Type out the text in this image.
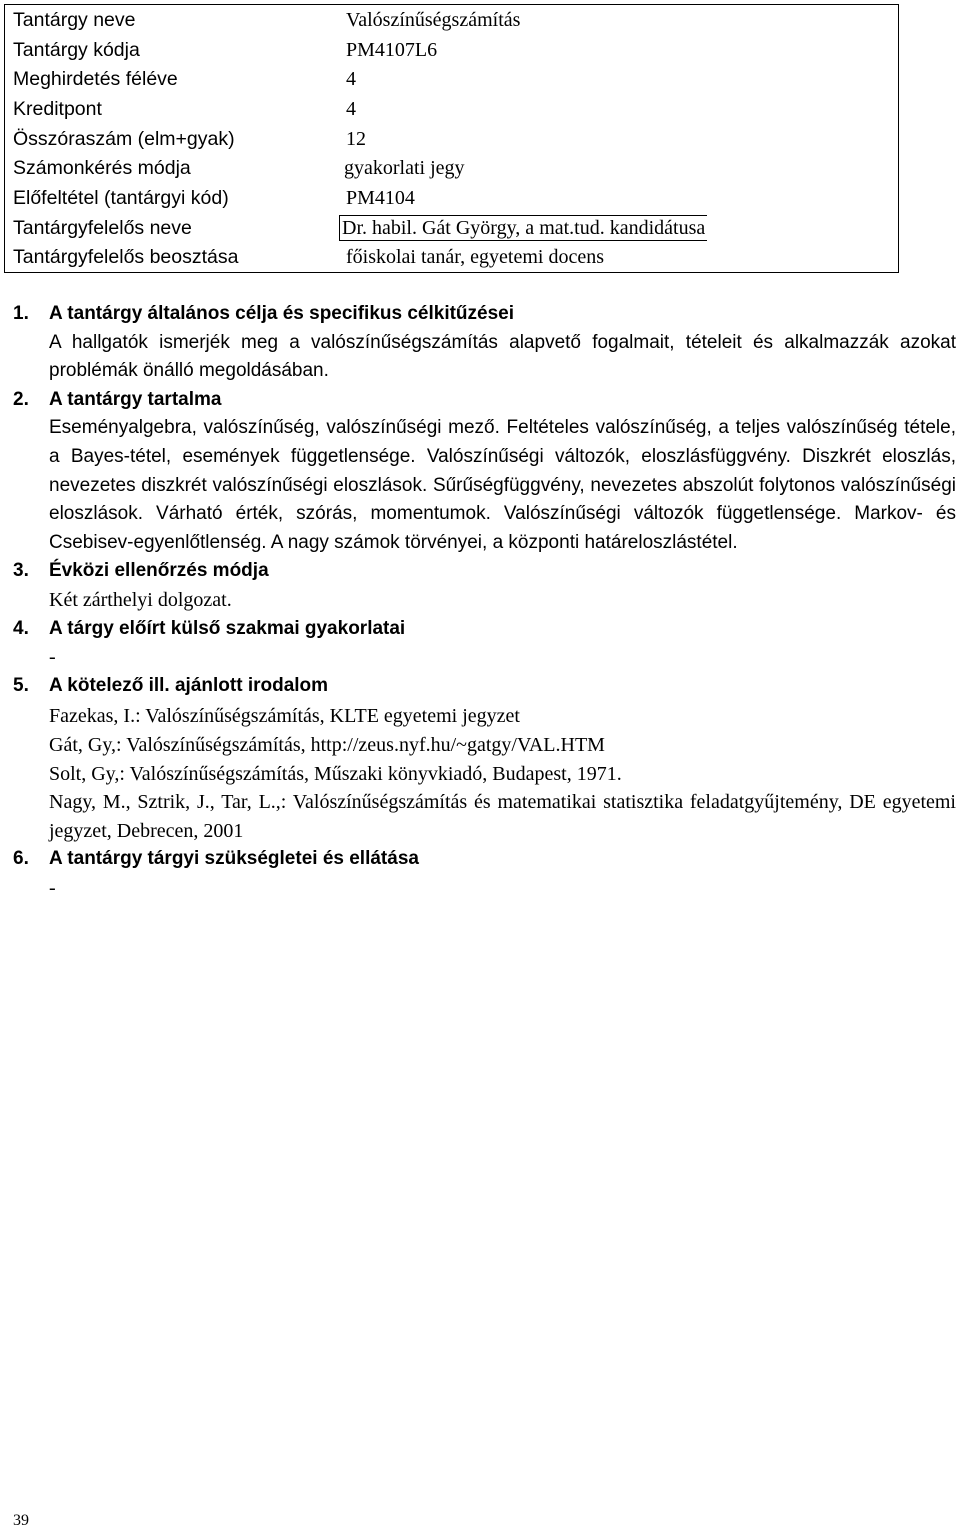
Tantárgy neve	Valószínűségszámítás
Tantárgy kódja	PM4107L6
Meghirdetés féléve	4
Kreditpont	4
Összóraszám (elm+gyak)	12
Számonkérés módja	gyakorlati jegy
Előfeltétel (tantárgyi kód)	PM4104
Tantárgyfelelős neve	Dr. habil. Gát György, a mat.tud. kandidátusa
Tantárgyfelelős beosztása	főiskolai tanár, egyetemi docens
1. A tantárgy általános célja és specifikus célkitűzései

A hallgatók ismerjék meg a valószínűségszámítás alapvető fogalmait, tételeit és alkalmazzák azokat problémák önálló megoldásában.

2. A tantárgy tartalma

Eseményalgebra, valószínűség, valószínűségi mező. Feltételes valószínűség, a teljes valószínűség tétele, a Bayes-tétel, események függetlensége. Valószínűségi változók, eloszlásfüggvény. Diszkrét eloszlás, nevezetes diszkrét valószínűségi eloszlások. Sűrűségfüggvény, nevezetes abszolút folytonos valószínűségi eloszlások. Várható érték, szórás, momentumok. Valószínűségi változók függetlensége. Markov- és Csebisev-egyenlőtlenség. A nagy számok törvényei, a központi határeloszlástétel.

3. Évközi ellenőrzés módja

Két zárthelyi dolgozat.

4. A tárgy előírt külső szakmai gyakorlatai

-

5. A kötelező ill. ajánlott irodalom

Fazekas, I.: Valószínűségszámítás, KLTE egyetemi jegyzet

Gát, Gy,: Valószínűségszámítás, http://zeus.nyf.hu/~gatgy/VAL.HTM

Solt, Gy,: Valószínűségszámítás, Műszaki könyvkiadó, Budapest, 1971.

Nagy, M., Sztrik, J., Tar, L.,: Valószínűségszámítás és matematikai statisztika feladatgyűjtemény, DE egyetemi jegyzet, Debrecen, 2001

6. A tantárgy tárgyi szükségletei és ellátása

-

39
